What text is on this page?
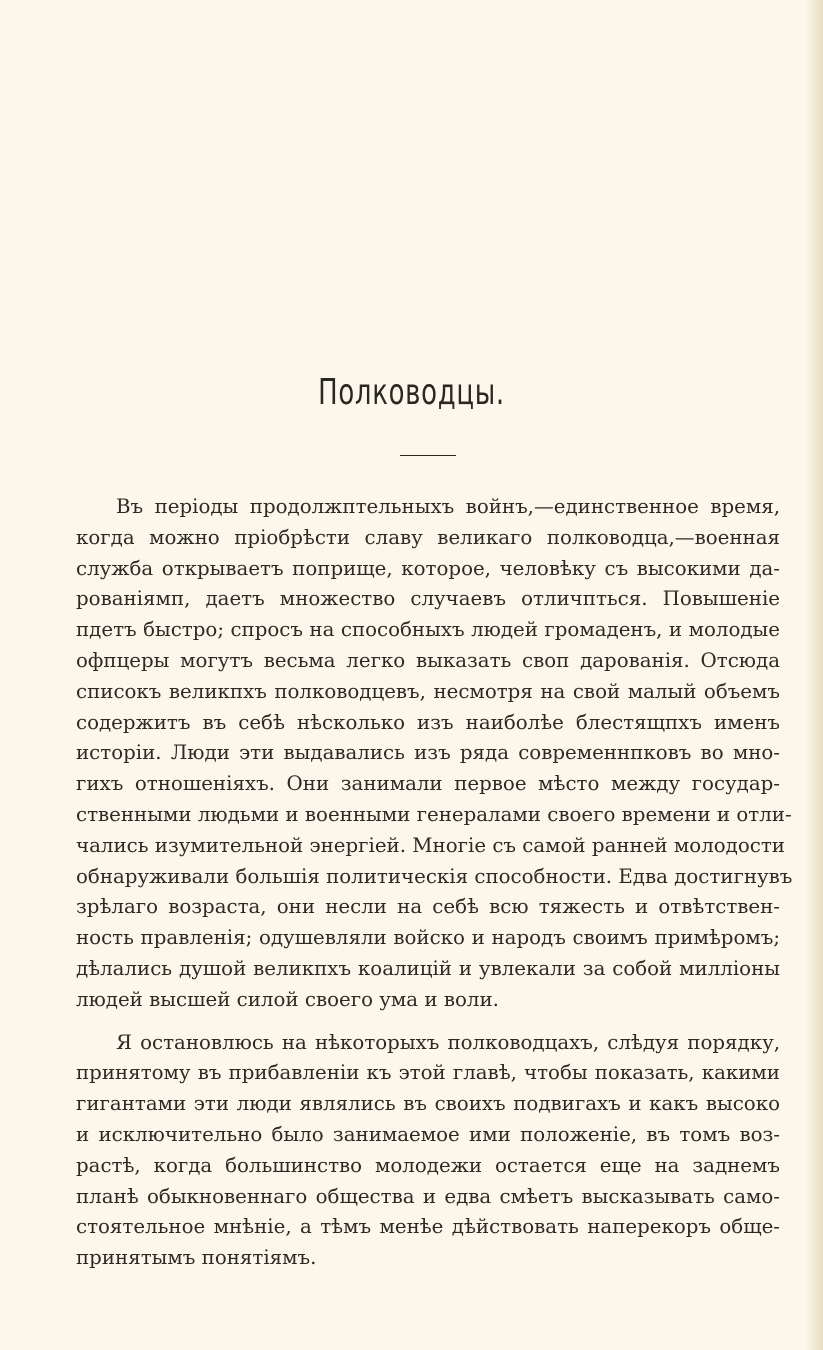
Полководцы.
Въ періоды продолжптельныхъ войнъ,—единственное время,
когда можно пріобрѣсти славу великаго полководца,—военная
служба открываетъ поприще, которое, человѣку съ высокими да-
рованіямп, даетъ множество случаевъ отличпться. Повышеніе
пдетъ быстро; спросъ на способныхъ людей громаденъ, и молодые
офпцеры могутъ весьма легко выказать своп дарованія. Отсюда
списокъ великпхъ полководцевъ, несмотря на свой малый объемъ
содержитъ въ себѣ нѣсколько изъ наиболѣе блестящпхъ именъ
исторіи. Люди эти выдавались изъ ряда современнпковъ во мно-
гихъ отношеніяхъ. Они занимали первое мѣсто между государ-
ственными людьми и военными генералами своего времени и отли-
чались изумительной энергіей. Многіе съ самой ранней молодости
обнаруживали большія политическія способности. Едва достигнувъ
зрѣлаго возраста, они несли на себѣ всю тяжесть и отвѣтствен-
ность правленія; одушевляли войско и народъ своимъ примѣромъ;
дѣлались душой великпхъ коалицій и увлекали за собой милліоны
людей высшей силой своего ума и воли.
Я остановлюсь на нѣкоторыхъ полководцахъ, слѣдуя порядку,
принятому въ прибавленіи къ этой главѣ, чтобы показать, какими
гигантами эти люди являлись въ своихъ подвигахъ и какъ высоко
и исключительно было занимаемое ими положеніе, въ томъ воз-
растѣ, когда большинство молодежи остается еще на заднемъ
планѣ обыкновеннаго общества и едва смѣетъ высказывать само-
стоятельное мнѣніе, а тѣмъ менѣе дѣйствовать наперекоръ обще-
принятымъ понятіямъ.
